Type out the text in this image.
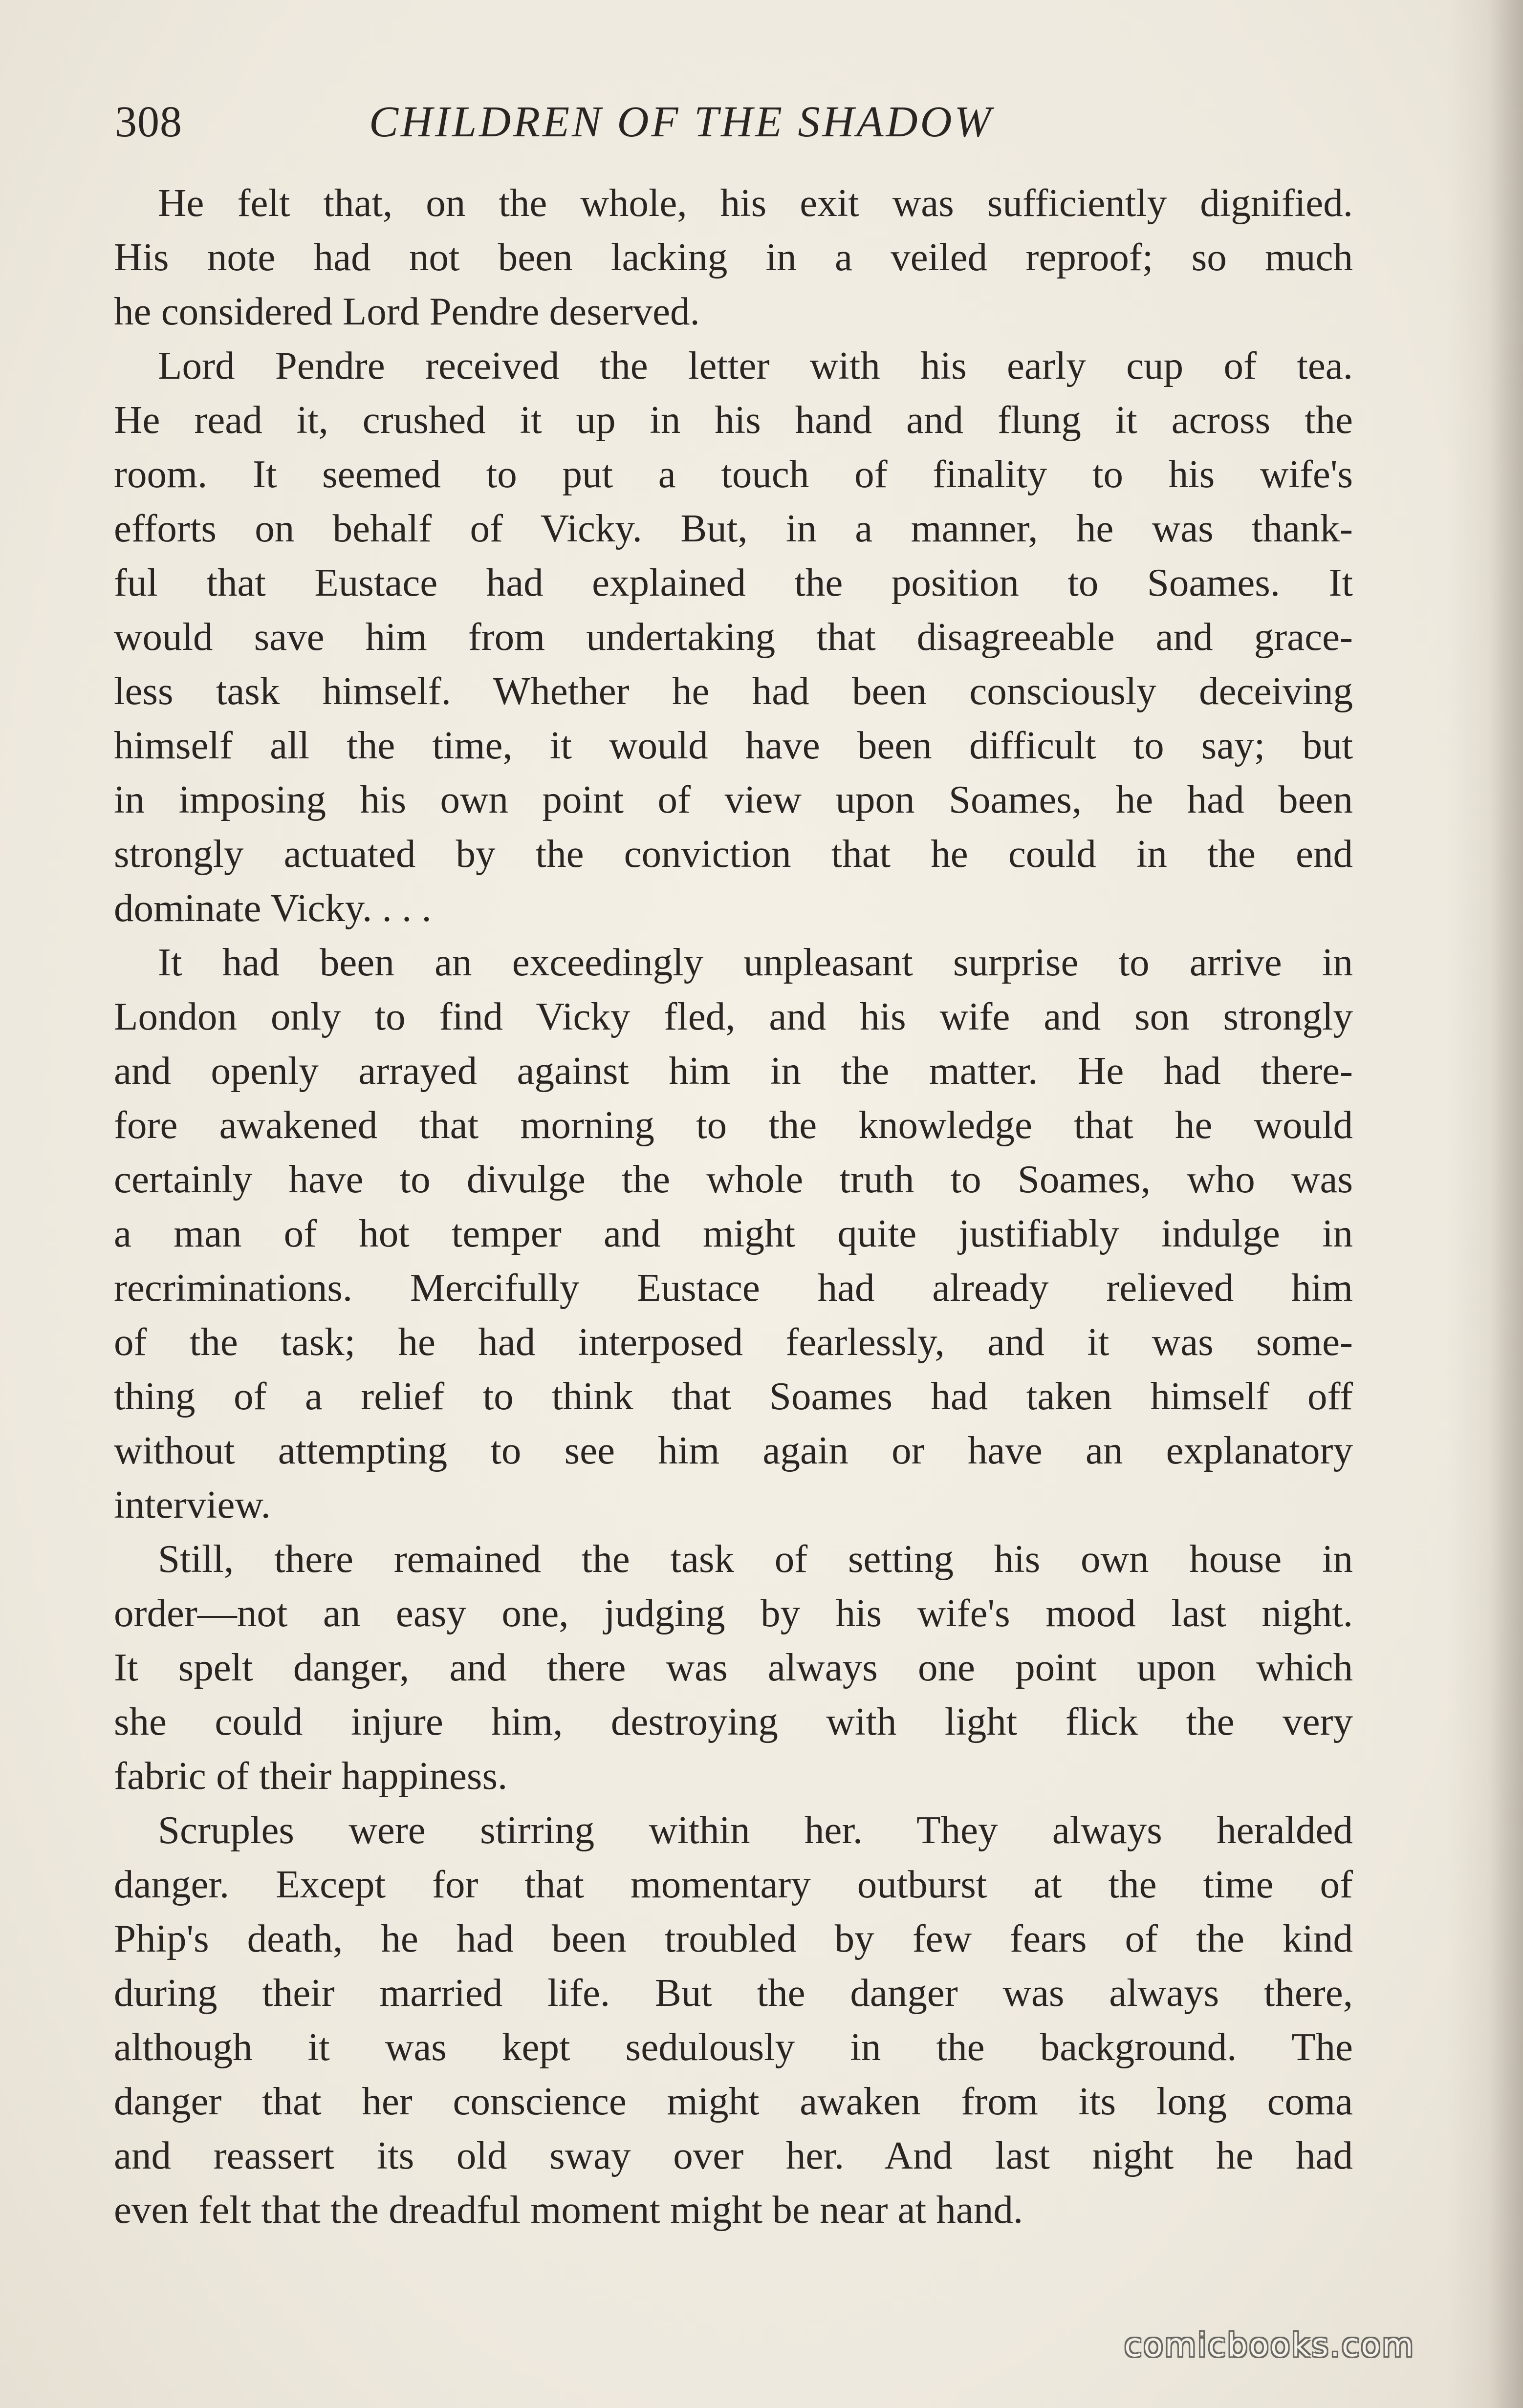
308	CHILDREN OF THE SHADOW
He felt that, on the whole, his exit was sufficiently dignified.
His note had not been lacking in a veiled reproof; so much
he considered Lord Pendre deserved.
Lord Pendre received the letter with his early cup of tea.
He read it, crushed it up in his hand and flung it across the
room. It seemed to put a touch of finality to his wife's
efforts on behalf of Vicky. But, in a manner, he was thank-
ful that Eustace had explained the position to Soames. It
would save him from undertaking that disagreeable and grace-
less task himself. Whether he had been consciously deceiving
himself all the time, it would have been difficult to say; but
in imposing his own point of view upon Soames, he had been
strongly actuated by the conviction that he could in the end
dominate Vicky. . . .
It had been an exceedingly unpleasant surprise to arrive in
London only to find Vicky fled, and his wife and son strongly
and openly arrayed against him in the matter. He had there-
fore awakened that morning to the knowledge that he would
certainly have to divulge the whole truth to Soames, who was
a man of hot temper and might quite justifiably indulge in
recriminations. Mercifully Eustace had already relieved him
of the task; he had interposed fearlessly, and it was some-
thing of a relief to think that Soames had taken himself off
without attempting to see him again or have an explanatory
interview.
Still, there remained the task of setting his own house in
order—not an easy one, judging by his wife's mood last night.
It spelt danger, and there was always one point upon which
she could injure him, destroying with light flick the very
fabric of their happiness.
Scruples were stirring within her. They always heralded
danger. Except for that momentary outburst at the time of
Phip's death, he had been troubled by few fears of the kind
during their married life. But the danger was always there,
although it was kept sedulously in the background. The
danger that her conscience might awaken from its long coma
and reassert its old sway over her. And last night he had
even felt that the dreadful moment might be near at hand.
comicbooks.com
